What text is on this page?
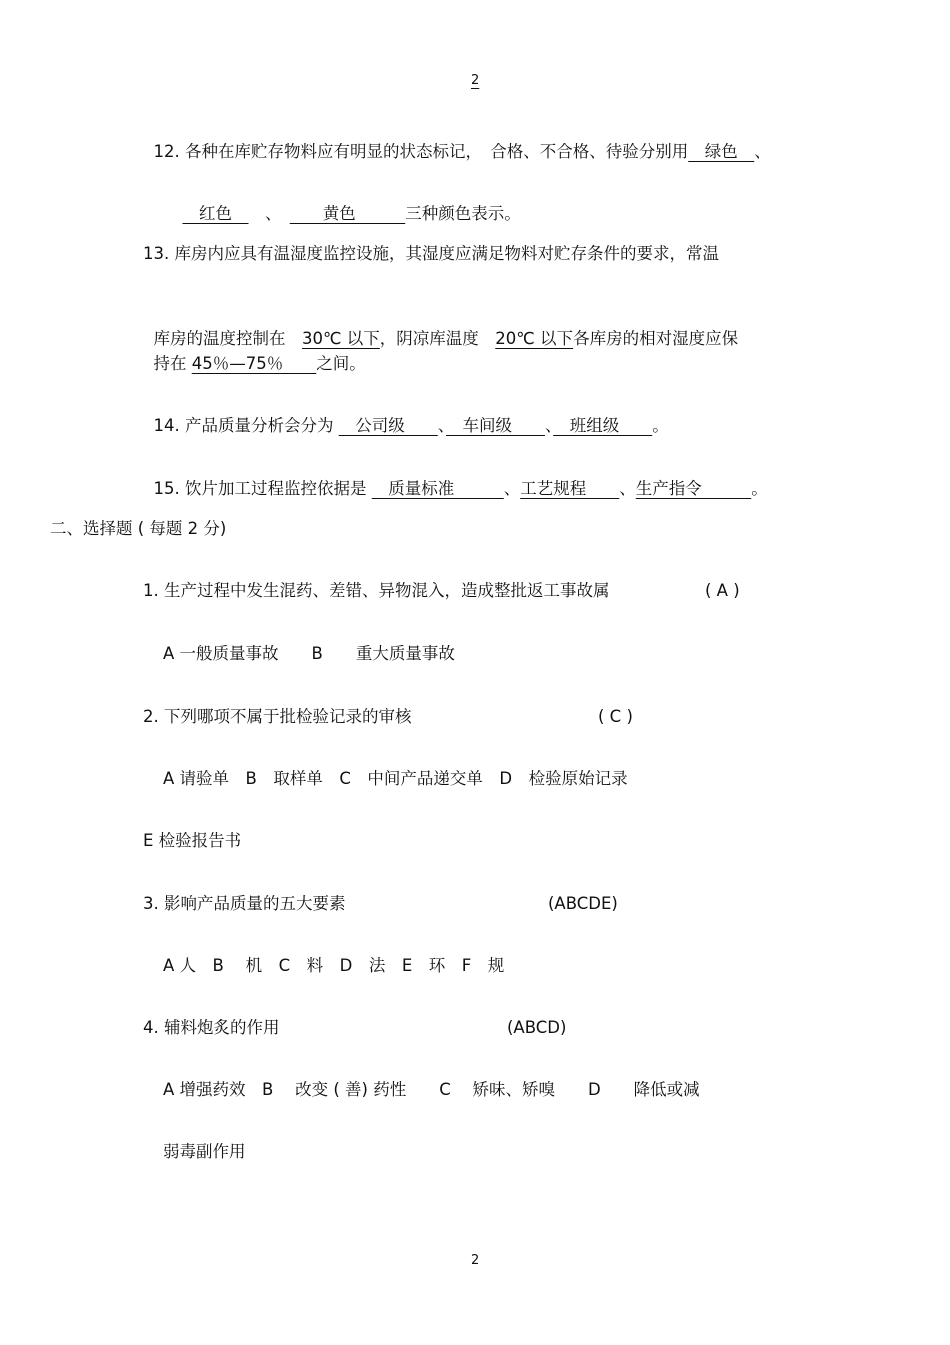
2

12. 各种在库贮存物料应有明显的状态标记，　合格、不合格、待验分别用　绿色　、

　红色　　、　　　黄色　　　三种颜色表示。

13. 库房内应具有温湿度监控设施，其湿度应满足物料对贮存条件的要求，常温

库房的温度控制在　30℃ 以下，阴凉库温度　20℃ 以下各库房的相对湿度应保

持在 45％—75％　　之间。

14. 产品质量分析会分为 　公司级　　、　车间级　　、　班组级　　。

15. 饮片加工过程监控依据是 　质量标准　　　、工艺规程　　、生产指令　　　。

二、选择题 ( 每题 2 分)
1. 生产过程中发生混药、差错、异物混入，造成整批返工事故属	( A )
A 一般质量事故　　B　　重大质量事故
2. 下列哪项不属于批检验记录的审核	( C )
A 请验单　B　取样单　C　中间产品递交单　D　检验原始记录
E 检验报告书
3. 影响产品质量的五大要素	(ABCDE)
A 人　B　 机　C　料　D　法　E　环　F　规
4. 辅料炮炙的作用	(ABCD)
A 增强药效　B　 改变 ( 善) 药性　　C　 矫味、矫嗅　　D　　降低或减
弱毒副作用
2
